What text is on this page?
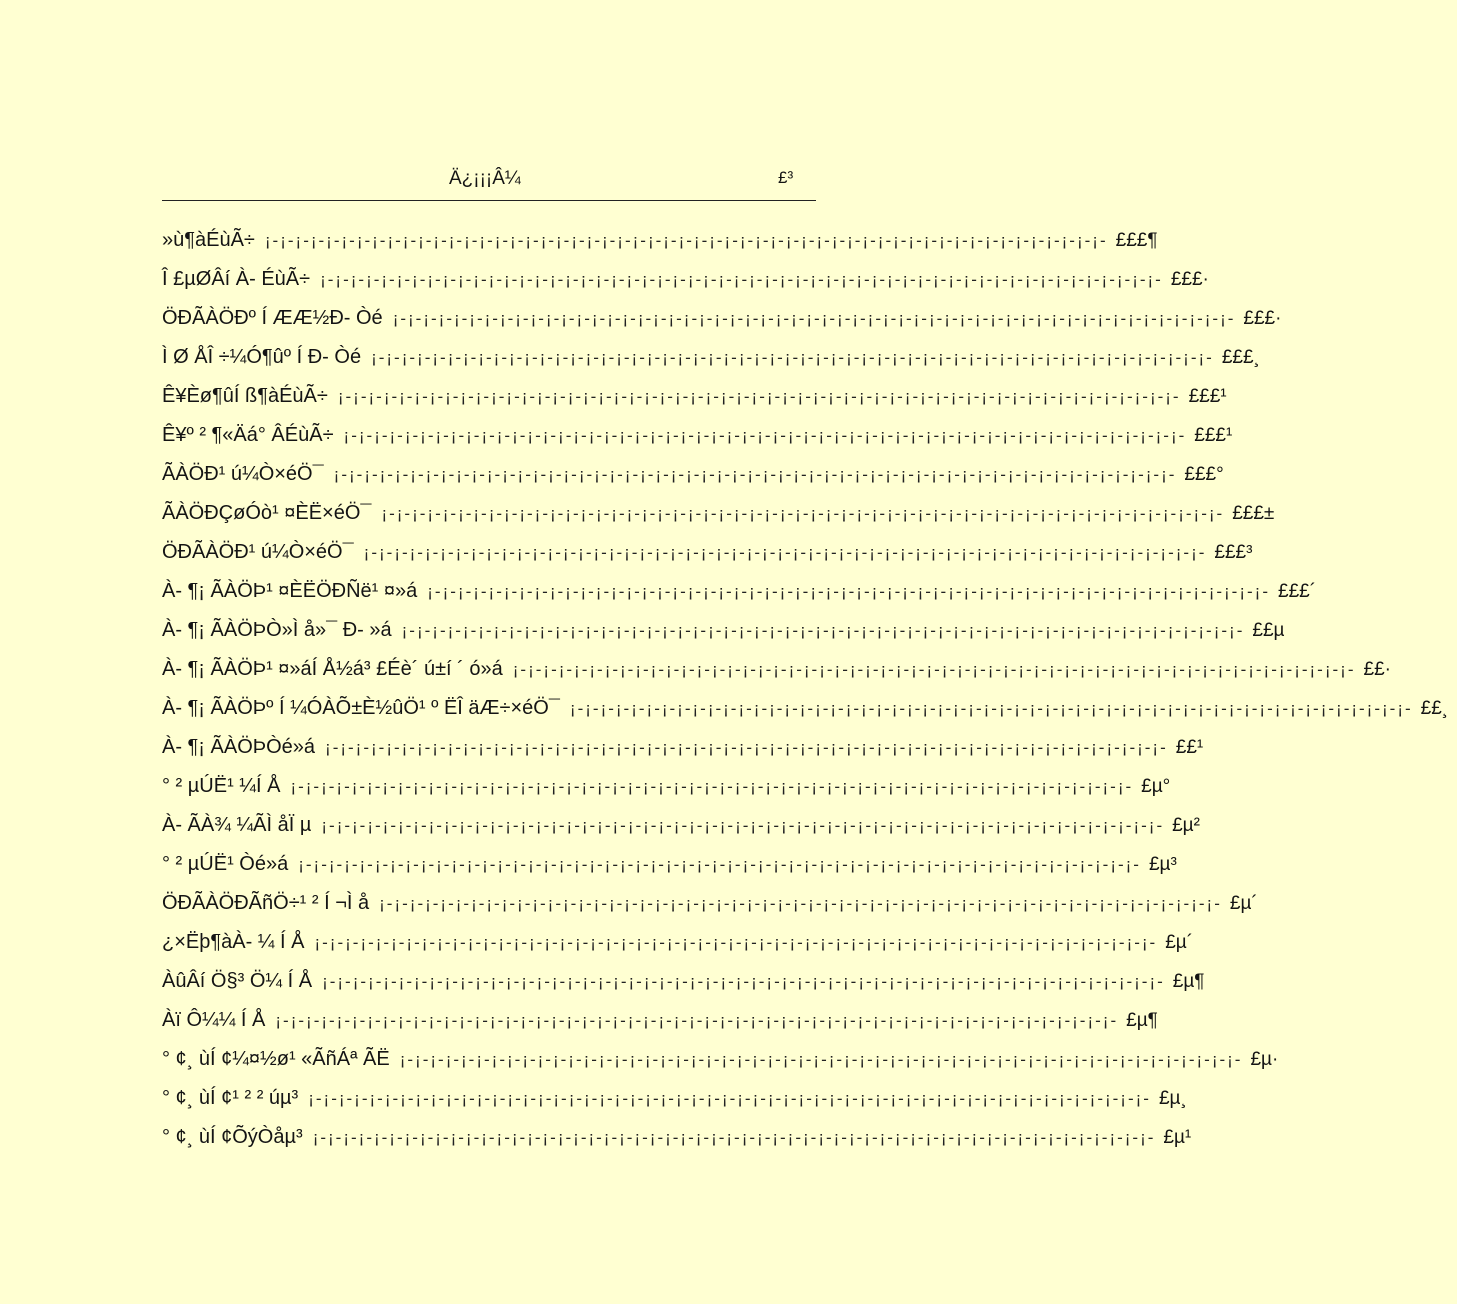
Ä¿¡¡¡Â¼	£³
»ù¶àÉùÃ÷ ¡-¡-¡-¡-¡-¡-¡-¡-¡-¡-¡-¡-¡-¡-¡-¡-¡-¡-¡-¡-¡-¡-¡-¡-¡-¡-¡-¡-¡-¡-¡-¡-¡-¡-¡-¡-¡-¡-¡-¡-¡-¡-¡-¡-¡-¡-¡-¡-¡-¡-¡-¡-¡-¡-¡- £££¶
Î £µØÂí À- ÉùÃ÷ ¡-¡-¡-¡-¡-¡-¡-¡-¡-¡-¡-¡-¡-¡-¡-¡-¡-¡-¡-¡-¡-¡-¡-¡-¡-¡-¡-¡-¡-¡-¡-¡-¡-¡-¡-¡-¡-¡-¡-¡-¡-¡-¡-¡-¡-¡-¡-¡-¡-¡-¡-¡-¡-¡-¡- £££·
ÖÐÃÀÖÐº Í ÆÆ½Ð- Òé ¡-¡-¡-¡-¡-¡-¡-¡-¡-¡-¡-¡-¡-¡-¡-¡-¡-¡-¡-¡-¡-¡-¡-¡-¡-¡-¡-¡-¡-¡-¡-¡-¡-¡-¡-¡-¡-¡-¡-¡-¡-¡-¡-¡-¡-¡-¡-¡-¡-¡-¡-¡-¡-¡-¡- £££·
Ì Ø ÅÎ ÷¼Ó¶ûº Í Ð- Òé ¡-¡-¡-¡-¡-¡-¡-¡-¡-¡-¡-¡-¡-¡-¡-¡-¡-¡-¡-¡-¡-¡-¡-¡-¡-¡-¡-¡-¡-¡-¡-¡-¡-¡-¡-¡-¡-¡-¡-¡-¡-¡-¡-¡-¡-¡-¡-¡-¡-¡-¡-¡-¡-¡-¡- £££¸
Ê¥Èø¶ûÍ ß¶àÉùÃ÷ ¡-¡-¡-¡-¡-¡-¡-¡-¡-¡-¡-¡-¡-¡-¡-¡-¡-¡-¡-¡-¡-¡-¡-¡-¡-¡-¡-¡-¡-¡-¡-¡-¡-¡-¡-¡-¡-¡-¡-¡-¡-¡-¡-¡-¡-¡-¡-¡-¡-¡-¡-¡-¡-¡-¡- £££¹
Ê¥º ² ¶«Äá° ÂÉùÃ÷ ¡-¡-¡-¡-¡-¡-¡-¡-¡-¡-¡-¡-¡-¡-¡-¡-¡-¡-¡-¡-¡-¡-¡-¡-¡-¡-¡-¡-¡-¡-¡-¡-¡-¡-¡-¡-¡-¡-¡-¡-¡-¡-¡-¡-¡-¡-¡-¡-¡-¡-¡-¡-¡-¡-¡- £££¹
ÃÀÖÐ¹ ú¼Ò×éÖ¯ ¡-¡-¡-¡-¡-¡-¡-¡-¡-¡-¡-¡-¡-¡-¡-¡-¡-¡-¡-¡-¡-¡-¡-¡-¡-¡-¡-¡-¡-¡-¡-¡-¡-¡-¡-¡-¡-¡-¡-¡-¡-¡-¡-¡-¡-¡-¡-¡-¡-¡-¡-¡-¡-¡-¡- £££°
ÃÀÖÐÇøÓò¹ ¤ÈË×éÖ¯ ¡-¡-¡-¡-¡-¡-¡-¡-¡-¡-¡-¡-¡-¡-¡-¡-¡-¡-¡-¡-¡-¡-¡-¡-¡-¡-¡-¡-¡-¡-¡-¡-¡-¡-¡-¡-¡-¡-¡-¡-¡-¡-¡-¡-¡-¡-¡-¡-¡-¡-¡-¡-¡-¡-¡- £££±
ÖÐÃÀÖÐ¹ ú¼Ò×éÖ¯ ¡-¡-¡-¡-¡-¡-¡-¡-¡-¡-¡-¡-¡-¡-¡-¡-¡-¡-¡-¡-¡-¡-¡-¡-¡-¡-¡-¡-¡-¡-¡-¡-¡-¡-¡-¡-¡-¡-¡-¡-¡-¡-¡-¡-¡-¡-¡-¡-¡-¡-¡-¡-¡-¡-¡- £££³
À- ¶¡ ÃÀÖÞ¹ ¤ÈËÖÐÑë¹ ¤»á ¡-¡-¡-¡-¡-¡-¡-¡-¡-¡-¡-¡-¡-¡-¡-¡-¡-¡-¡-¡-¡-¡-¡-¡-¡-¡-¡-¡-¡-¡-¡-¡-¡-¡-¡-¡-¡-¡-¡-¡-¡-¡-¡-¡-¡-¡-¡-¡-¡-¡-¡-¡-¡-¡-¡- £££´
À- ¶¡ ÃÀÖÞÒ»Ì å»¯ Ð- »á ¡-¡-¡-¡-¡-¡-¡-¡-¡-¡-¡-¡-¡-¡-¡-¡-¡-¡-¡-¡-¡-¡-¡-¡-¡-¡-¡-¡-¡-¡-¡-¡-¡-¡-¡-¡-¡-¡-¡-¡-¡-¡-¡-¡-¡-¡-¡-¡-¡-¡-¡-¡-¡-¡-¡- ££µ
À- ¶¡ ÃÀÖÞ¹ ¤»áÍ Å½á³ £Éè´ ú±í ´ ó»á ¡-¡-¡-¡-¡-¡-¡-¡-¡-¡-¡-¡-¡-¡-¡-¡-¡-¡-¡-¡-¡-¡-¡-¡-¡-¡-¡-¡-¡-¡-¡-¡-¡-¡-¡-¡-¡-¡-¡-¡-¡-¡-¡-¡-¡-¡-¡-¡-¡-¡-¡-¡-¡-¡-¡- ££·
À- ¶¡ ÃÀÖÞº Í ¼ÓÀÕ±È½ûÖ¹ º ËÎ äÆ÷×éÖ¯ ¡-¡-¡-¡-¡-¡-¡-¡-¡-¡-¡-¡-¡-¡-¡-¡-¡-¡-¡-¡-¡-¡-¡-¡-¡-¡-¡-¡-¡-¡-¡-¡-¡-¡-¡-¡-¡-¡-¡-¡-¡-¡-¡-¡-¡-¡-¡-¡-¡-¡-¡-¡-¡-¡-¡- ££¸
À- ¶¡ ÃÀÖÞÒé»á ¡-¡-¡-¡-¡-¡-¡-¡-¡-¡-¡-¡-¡-¡-¡-¡-¡-¡-¡-¡-¡-¡-¡-¡-¡-¡-¡-¡-¡-¡-¡-¡-¡-¡-¡-¡-¡-¡-¡-¡-¡-¡-¡-¡-¡-¡-¡-¡-¡-¡-¡-¡-¡-¡-¡- ££¹
° ² µÚË¹ ¼Í Å ¡-¡-¡-¡-¡-¡-¡-¡-¡-¡-¡-¡-¡-¡-¡-¡-¡-¡-¡-¡-¡-¡-¡-¡-¡-¡-¡-¡-¡-¡-¡-¡-¡-¡-¡-¡-¡-¡-¡-¡-¡-¡-¡-¡-¡-¡-¡-¡-¡-¡-¡-¡-¡-¡-¡- £µ°
À- ÃÀ¾ ¼ÃÌ åÏ µ ¡-¡-¡-¡-¡-¡-¡-¡-¡-¡-¡-¡-¡-¡-¡-¡-¡-¡-¡-¡-¡-¡-¡-¡-¡-¡-¡-¡-¡-¡-¡-¡-¡-¡-¡-¡-¡-¡-¡-¡-¡-¡-¡-¡-¡-¡-¡-¡-¡-¡-¡-¡-¡-¡-¡- £µ²
° ² µÚË¹ Òé»á ¡-¡-¡-¡-¡-¡-¡-¡-¡-¡-¡-¡-¡-¡-¡-¡-¡-¡-¡-¡-¡-¡-¡-¡-¡-¡-¡-¡-¡-¡-¡-¡-¡-¡-¡-¡-¡-¡-¡-¡-¡-¡-¡-¡-¡-¡-¡-¡-¡-¡-¡-¡-¡-¡-¡- £µ³
ÖÐÃÀÖÐÃñÖ÷¹ ² Í ¬Ì å ¡-¡-¡-¡-¡-¡-¡-¡-¡-¡-¡-¡-¡-¡-¡-¡-¡-¡-¡-¡-¡-¡-¡-¡-¡-¡-¡-¡-¡-¡-¡-¡-¡-¡-¡-¡-¡-¡-¡-¡-¡-¡-¡-¡-¡-¡-¡-¡-¡-¡-¡-¡-¡-¡-¡- £µ´
¿×Ëþ¶àÀ- ¼ Í Å ¡-¡-¡-¡-¡-¡-¡-¡-¡-¡-¡-¡-¡-¡-¡-¡-¡-¡-¡-¡-¡-¡-¡-¡-¡-¡-¡-¡-¡-¡-¡-¡-¡-¡-¡-¡-¡-¡-¡-¡-¡-¡-¡-¡-¡-¡-¡-¡-¡-¡-¡-¡-¡-¡-¡- £µ´
ÀûÂí Ö§³ Ö¼ Í Å ¡-¡-¡-¡-¡-¡-¡-¡-¡-¡-¡-¡-¡-¡-¡-¡-¡-¡-¡-¡-¡-¡-¡-¡-¡-¡-¡-¡-¡-¡-¡-¡-¡-¡-¡-¡-¡-¡-¡-¡-¡-¡-¡-¡-¡-¡-¡-¡-¡-¡-¡-¡-¡-¡-¡- £µ¶
Àï Ô¼¼ Í Å ¡-¡-¡-¡-¡-¡-¡-¡-¡-¡-¡-¡-¡-¡-¡-¡-¡-¡-¡-¡-¡-¡-¡-¡-¡-¡-¡-¡-¡-¡-¡-¡-¡-¡-¡-¡-¡-¡-¡-¡-¡-¡-¡-¡-¡-¡-¡-¡-¡-¡-¡-¡-¡-¡-¡- £µ¶
° ¢¸ ùÍ ¢¼¤½ø¹ «ÃñÁª ÃË ¡-¡-¡-¡-¡-¡-¡-¡-¡-¡-¡-¡-¡-¡-¡-¡-¡-¡-¡-¡-¡-¡-¡-¡-¡-¡-¡-¡-¡-¡-¡-¡-¡-¡-¡-¡-¡-¡-¡-¡-¡-¡-¡-¡-¡-¡-¡-¡-¡-¡-¡-¡-¡-¡-¡- £µ·
° ¢¸ ùÍ ¢¹ ² ² úµ³ ¡-¡-¡-¡-¡-¡-¡-¡-¡-¡-¡-¡-¡-¡-¡-¡-¡-¡-¡-¡-¡-¡-¡-¡-¡-¡-¡-¡-¡-¡-¡-¡-¡-¡-¡-¡-¡-¡-¡-¡-¡-¡-¡-¡-¡-¡-¡-¡-¡-¡-¡-¡-¡-¡-¡- £µ¸
° ¢¸ ùÍ ¢ÕýÒåµ³ ¡-¡-¡-¡-¡-¡-¡-¡-¡-¡-¡-¡-¡-¡-¡-¡-¡-¡-¡-¡-¡-¡-¡-¡-¡-¡-¡-¡-¡-¡-¡-¡-¡-¡-¡-¡-¡-¡-¡-¡-¡-¡-¡-¡-¡-¡-¡-¡-¡-¡-¡-¡-¡-¡-¡- £µ¹
